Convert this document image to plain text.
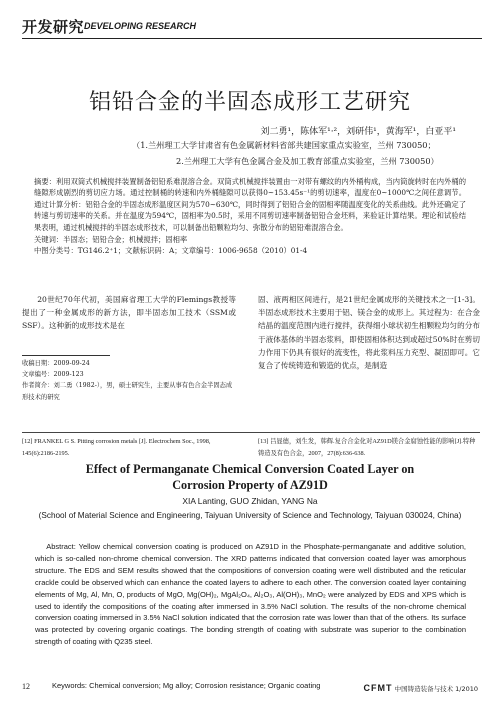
开发研究 DEVELOPING RESEARCH
铝铅合金的半固态成形工艺研究
刘二勇¹，陈体军¹·²，刘研伟¹，黄海军¹，白亚平¹
（1.兰州理工大学甘肃省有色金属新材料省部共建国家重点实验室，兰州 730050；
2.兰州理工大学有色金属合金及加工教育部重点实验室，兰州 730050）

摘要：利用双筒式机械搅拌装置制备铝铅系难混溶合金。双筒式机械搅拌装置由一对带有螺纹的内外桶构成，当内筒旋转时在内外桶的缝隙形成剧烈的剪切应力场。通过控制桶的转速和内外桶缝隙可以获得0~153.45s⁻¹的剪切速率，温度在0~1000℃之间任意调节。通过计算分析：铝铅合金的半固态成形温度区间为570~630℃，同时得到了铝铅合金的固相率随温度变化的关系曲线。此外还确定了转速与剪切速率的关系。并在温度为594℃，固相率为0.5时，采用不同剪切速率制备铝铅合金坯料，来验证计算结果。理论和试验结果表明，通过机械搅拌的半固态成形技术，可以制备出铅颗粒均匀、弥散分布的铝铅难混溶合金。

关键词：半固态；铝铅合金；机械搅拌；固相率

中图分类号：TG146.2⁺1；文献标识码：A；文章编号：1006-9658（2010）01-4

20世纪70年代初，美国麻省理工大学的Flemings教授等提出了一种金属成形的新方法，即半固态加工技术（SSM或SSF）。这种新的成形技术是在

固、液两相区间进行，是21世纪金属成形的关键技术之一[1-3]。半固态成形技术主要用于铝、镁合金的成形上。其过程为：在合金结晶的温度范围内进行搅拌，获得细小球状初生相颗粒均匀的分布于液体基体的半固态浆料，即使固相体积达到或超过50%时在剪切力作用下仍具有很好的流变性，将此浆料压力充型、凝固即可。它复合了传统铸造和锻造的优点，是制造

收稿日期：2009-09-24
文章编号：2009-123
作者简介：刘二勇（1982-），男，硕士研究生，主要从事有色合金半固态成形技术的研究
[12] FRANKEL G S. Pitting corrosion metals [J]. Electrochem Soc., 1998, 145(6):2186-2195.
[13] 吕显德，刘生发，韩辉.复合合金化对AZ91D镁合金腐蚀性能的影响[J].特种铸造及有色合金，2007，27(8):636-638.
Effect of Permanganate Chemical Conversion Coated Layer on
Corrosion Property of AZ91D
XIA Lanting, GUO Zhidan, YANG Na
(School of Material Science and Engineering, Taiyuan University of Science and Technology, Taiyuan 030024, China)

Abstract: Yellow chemical conversion coating is produced on AZ91D in the Phosphate-permanganate and additive solution, which is so-called non-chrome chemical conversion. The XRD patterns indicated that conversion coated layer was amorphous structure. The EDS and SEM results showed that the compositions of conversion coating were well distributed and the reticular crackle could be observed which can enhance the coated layers to adhere to each other. The conversion coated layer containing elements of Mg, Al, Mn, O, products of MgO, Mg(OH)₂, MgAl₂O₄, Al₂O₃, Al(OH)₃, MnO₂ were analyzed by EDS and XPS which is used to identify the compositions of the coating after immersed in 3.5% NaCl solution. The results of the non-chrome chemical conversion coating immersed in 3.5% NaCl solution indicated that the corrosion rate was lower than that of the others. Its surface was protected by covering organic coatings. The bonding strength of coating with substrate was superior to the combination strength of coating with Q235 steel.

Keywords: Chemical conversion; Mg alloy; Corrosion resistance; Organic coating
12	CFMT 中国铸造装备与技术 1/2010
